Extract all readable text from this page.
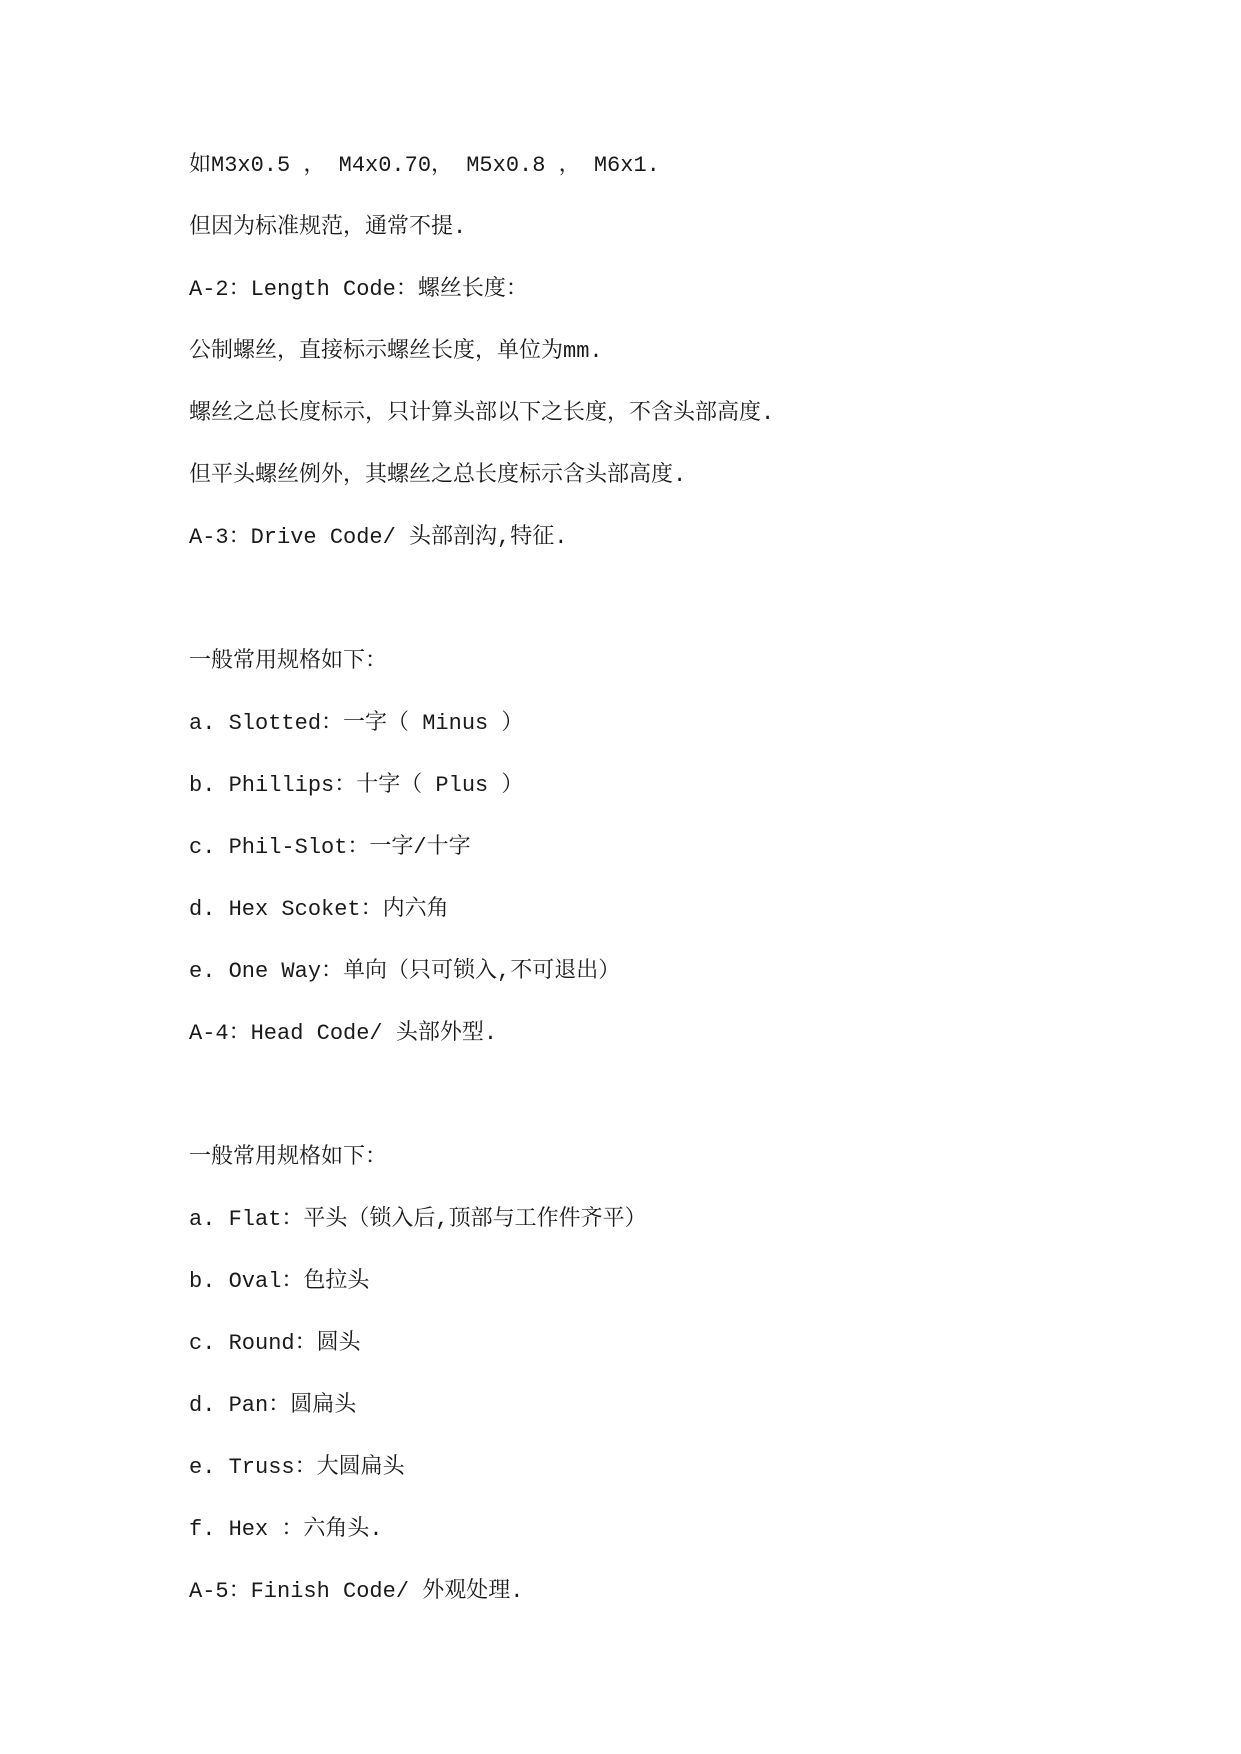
如M3x0.5 ， M4x0.70， M5x0.8 ， M6x1.
但因为标准规范，通常不提.
A-2：Length Code：螺丝长度：
公制螺丝，直接标示螺丝长度，单位为mm.
螺丝之总长度标示，只计算头部以下之长度，不含头部高度.
但平头螺丝例外，其螺丝之总长度标示含头部高度.
A-3：Drive Code/ 头部剖沟,特征.
一般常用规格如下：
a. Slotted：一字（ Minus ）
b. Phillips：十字（ Plus ）
c. Phil-Slot：一字/十字
d. Hex Scoket：内六角
e. One Way：单向（只可锁入,不可退出）
A-4：Head Code/ 头部外型.
一般常用规格如下：
a. Flat：平头（锁入后,顶部与工作件齐平）
b. Oval：色拉头
c. Round：圆头
d. Pan：圆扁头
e. Truss：大圆扁头
f. Hex ：六角头.
A-5：Finish Code/ 外观处理.
